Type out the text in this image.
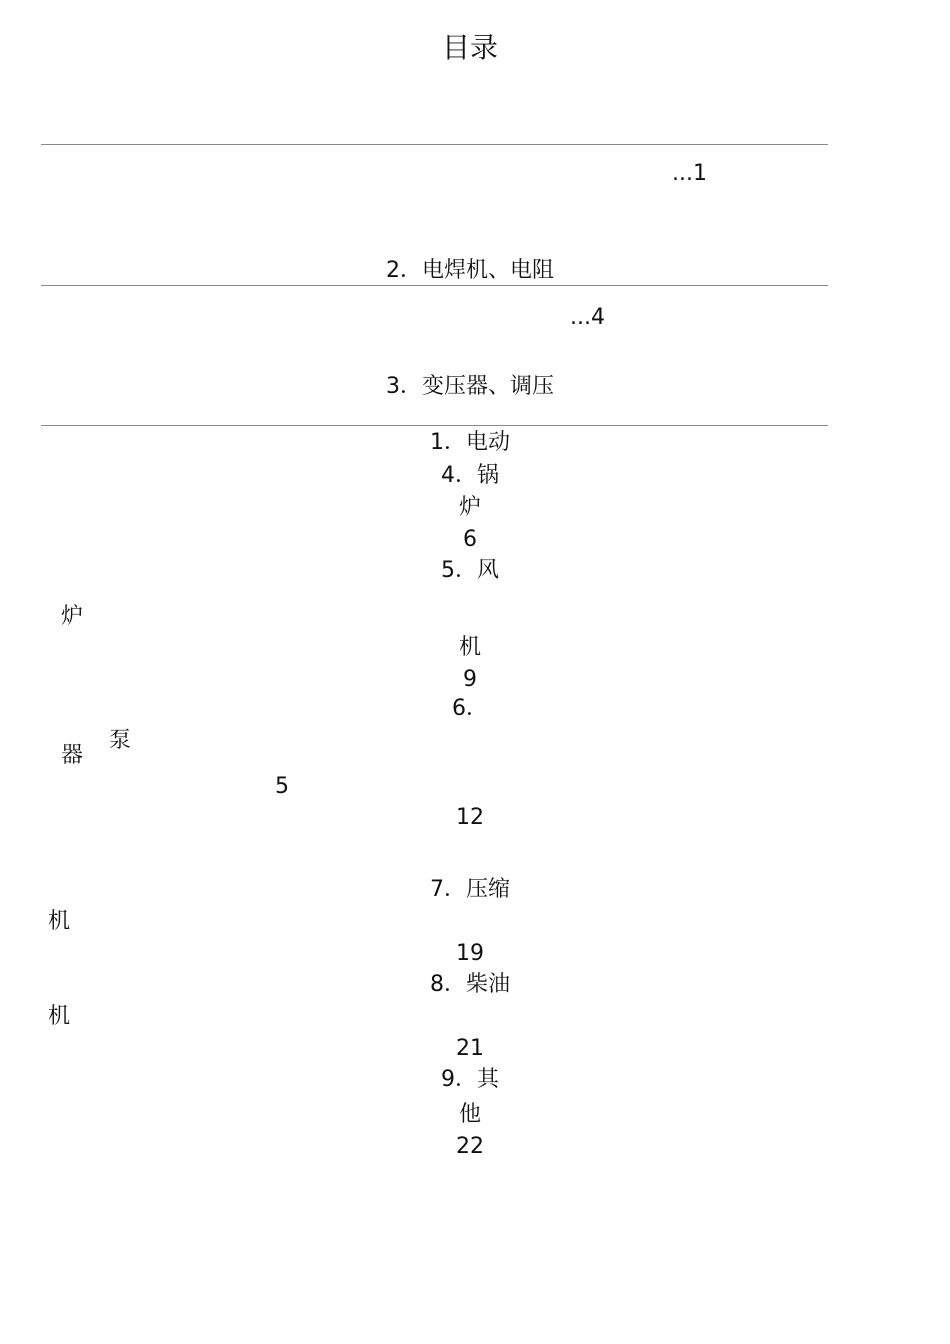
目录
...1
2．电焊机、电阻
...4
3．变压器、调压
1．电动
4．锅
炉
6
5．风
炉
机
9
6．
器
泵
5
12
7．压缩
机
19
8．柴油
机
21
9．其
他
22
